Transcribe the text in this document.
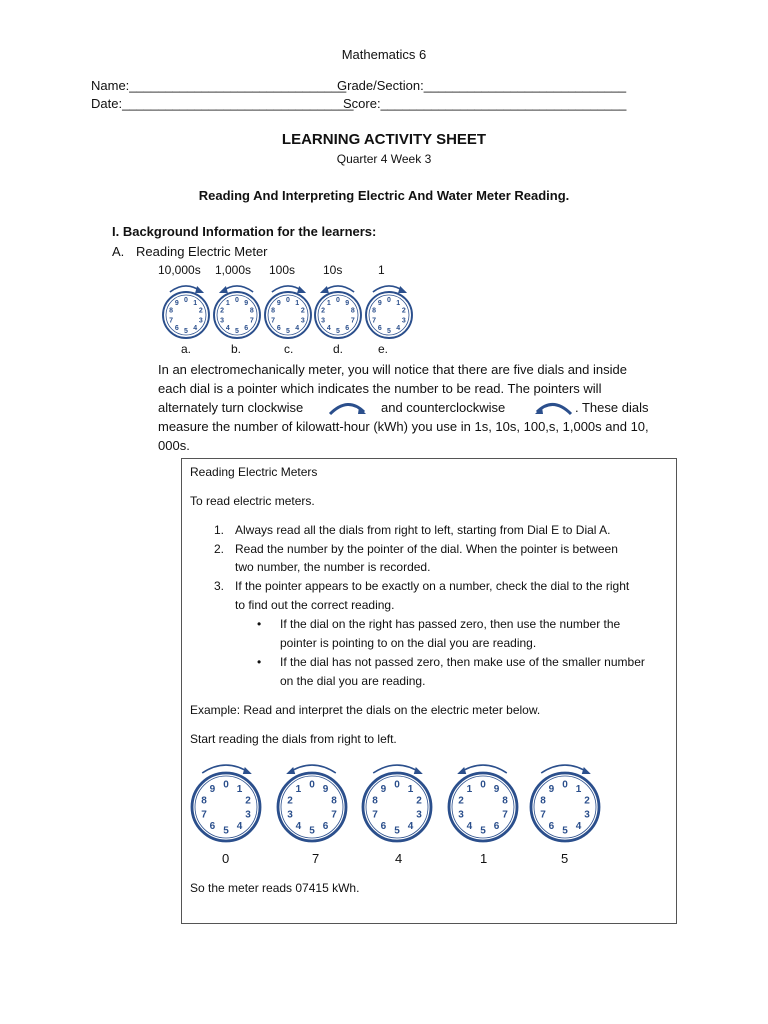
Mathematics 6
Name:______________________________
Grade/Section:____________________________
Date:________________________________
Score:__________________________________
LEARNING ACTIVITY SHEET
Quarter 4 Week 3
Reading And Interpreting Electric And Water Meter Reading.
I. Background Information for the learners:
A. Reading Electric Meter
10,000s 1,000s 100s 10s	1
0 1
2
3
4
5
6
7
8
9	0
1
2
3
4 5 6
7
8
9	0 1
2
3
4
5
6
7
8
9	0
1
2
3
4 5 6
7
8
9	0 1
2
3
4
5
6
7
8
9
a.	b.	c.	d.	e.
In an electromechanically meter, you will notice that there are five dials and inside
each dial is a pointer which indicates the number to be read. The pointers will
alternately turn clockwise	and counterclockwise	. These dials
measure the number of kilowatt-hour (kWh) you use in 1s, 10s, 100,s, 1,000s and 10,
000s.
Reading Electric Meters
To read electric meters.
1. Always read all the dials from right to left, starting from Dial E to Dial A.
2. Read the number by the pointer of the dial. When the pointer is between
two number, the number is recorded.
3. If the pointer appears to be exactly on a number, check the dial to the right
to find out the correct reading.
• If the dial on the right has passed zero, then use the number the
pointer is pointing to on the dial you are reading.
• If the dial has not passed zero, then make use of the smaller number
on the dial you are reading.
Example: Read and interpret the dials on the electric meter below.
Start reading the dials from right to left.
0 1
2
3
4
5
6
7
8
9	0
1
2
3
4 5 6
7
8
9	0 1
2
3
4
5
6
7
8
9	0
1
2
3
4 5 6
7
8
9	0 1
2
3
4
5
6
7
8
9
0	7	4	1	5
So the meter reads 07415 kWh.
